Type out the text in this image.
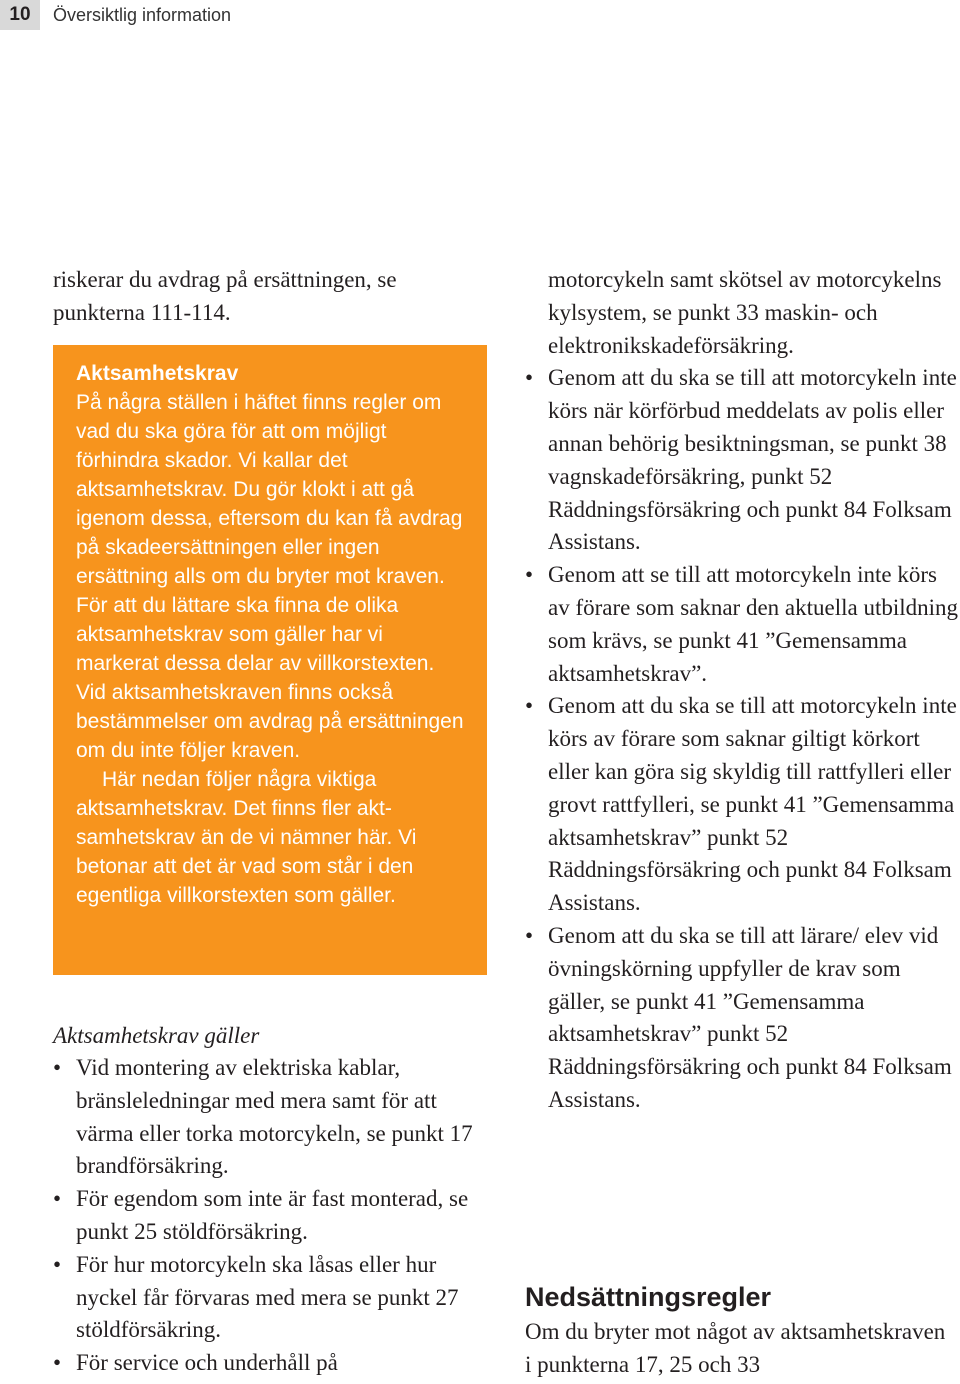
10	Översiktlig information

riskerar du avdrag på ersättningen, se punkterna 111-114.

Aktsamhetskrav

På några ställen i häftet finns regler om vad du ska göra för att om möjligt förhindra skador. Vi kallar det aktsamhetskrav. Du gör klokt i att gå igenom dessa, eftersom du kan få avdrag på skadeersättningen eller ingen ersättning alls om du bryter mot kraven. För att du lättare ska finna de olika aktsamhetskrav som gäller har vi markerat dessa delar av villkorstexten. Vid aktsamhetskraven finns också bestämmelser om avdrag på ersättningen om du inte följer kraven.

Här nedan följer några viktiga aktsamhetskrav. Det finns fler aktsamhetskrav än de vi nämner här. Vi betonar att det är vad som står i den egentliga villkorstexten som gäller.

Aktsamhetskrav gäller

• Vid montering av elektriska kablar, bränsleledningar med mera samt för att värma eller torka motorcykeln, se punkt 17 brandförsäkring.
• För egendom som inte är fast monterad, se punkt 25 stöldförsäkring.
• För hur motorcykeln ska låsas eller hur nyckel får förvaras med mera se punkt 27 stöldförsäkring.
• För service och underhåll på

motorcykeln samt skötsel av motorcykelns kylsystem, se punkt 33 maskin- och elektronikskadeförsäkring.

• Genom att du ska se till att motorcykeln inte körs när körförbud meddelats av polis eller annan behörig besiktningsman, se punkt 38 vagnskadeförsäkring, punkt 52 Räddningsförsäkring och punkt 84 Folksam Assistans.
• Genom att se till att motorcykeln inte körs av förare som saknar den aktuella utbildning som krävs, se punkt 41 ”Gemensamma aktsamhetskrav”.
• Genom att du ska se till att motorcykeln inte körs av förare som saknar giltigt körkort eller kan göra sig skyldig till rattfylleri eller grovt rattfylleri, se punkt 41 ”Gemensamma aktsamhetskrav” punkt 52 Räddningsförsäkring och punkt 84 Folksam Assistans.
• Genom att du ska se till att lärare/ elev vid övningskörning uppfyller de krav som gäller, se punkt 41 ”Gemensamma aktsamhetskrav” punkt 52 Räddningsförsäkring och punkt 84 Folksam Assistans.
Nedsättningsregler

Om du bryter mot något av aktsamhetskraven i punkterna 17, 25 och 33
